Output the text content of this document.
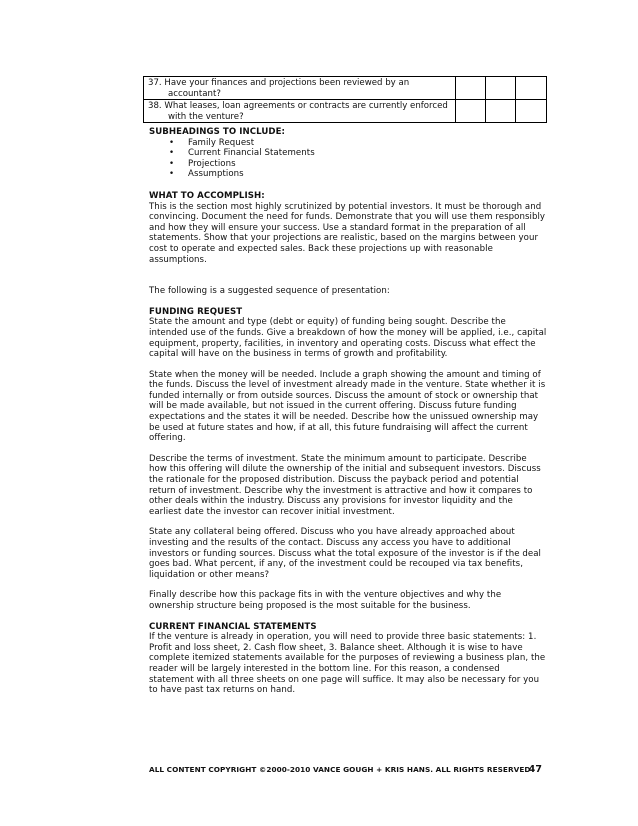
37. Have your finances and projections been reviewed by an accountant?			

38. What leases, loan agreements or contracts are currently enforced with the venture?			

SUBHEADINGS TO INCLUDE:

• Family Request
• Current Financial Statements
• Projections
• Assumptions

WHAT TO ACCOMPLISH:

This is the section most highly scrutinized by potential investors. It must be thorough and convincing. Document the need for funds. Demonstrate that you will use them responsibly and how they will ensure your success. Use a standard format in the preparation of all statements. Show that your projections are realistic, based on the margins between your cost to operate and expected sales. Back these projections up with reasonable assumptions.

The following is a suggested sequence of presentation:

FUNDING REQUEST

State the amount and type (debt or equity) of funding being sought. Describe the intended use of the funds. Give a breakdown of how the money will be applied, i.e., capital equipment, property, facilities, in inventory and operating costs. Discuss what effect the capital will have on the business in terms of growth and profitability.

State when the money will be needed. Include a graph showing the amount and timing of the funds. Discuss the level of investment already made in the venture. State whether it is funded internally or from outside sources. Discuss the amount of stock or ownership that will be made available, but not issued in the current offering. Discuss future funding expectations and the states it will be needed. Describe how the unissued ownership may be used at future states and how, if at all, this future fundraising will affect the current offering.

Describe the terms of investment. State the minimum amount to participate. Describe how this offering will dilute the ownership of the initial and subsequent investors. Discuss the rationale for the proposed distribution. Discuss the payback period and potential return of investment. Describe why the investment is attractive and how it compares to other deals within the industry. Discuss any provisions for investor liquidity and the earliest date the investor can recover initial investment.

State any collateral being offered. Discuss who you have already approached about investing and the results of the contact. Discuss any access you have to additional investors or funding sources. Discuss what the total exposure of the investor is if the deal goes bad. What percent, if any, of the investment could be recouped via tax benefits, liquidation or other means?

Finally describe how this package fits in with the venture objectives and why the ownership structure being proposed is the most suitable for the business.

CURRENT FINANCIAL STATEMENTS

If the venture is already in operation, you will need to provide three basic statements: 1. Profit and loss sheet, 2. Cash flow sheet, 3. Balance sheet. Although it is wise to have complete itemized statements available for the purposes of reviewing a business plan, the reader will be largely interested in the bottom line. For this reason, a condensed statement with all three sheets on one page will suffice. It may also be necessary for you to have past tax returns on hand.

ALL CONTENT COPYRIGHT ©2000-2010 VANCE GOUGH + KRIS HANS. ALL RIGHTS RESERVED
47
